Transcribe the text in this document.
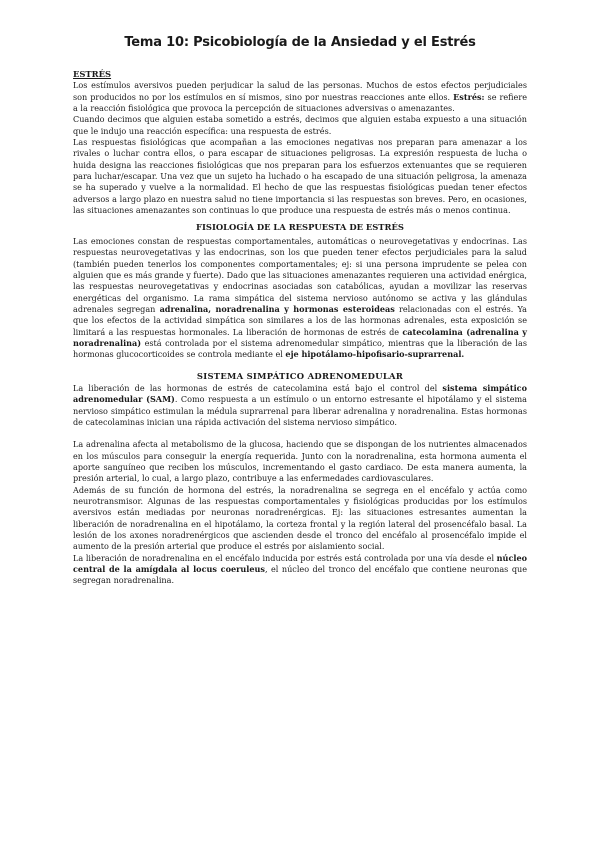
Tema 10: Psicobiología de la Ansiedad y el Estrés
ESTRÉS

Los estímulos aversivos pueden perjudicar la salud de las personas. Muchos de estos efectos perjudiciales son producidos no por los estímulos en sí mismos, sino por nuestras reacciones ante ellos. Estrés: se refiere a la reacción fisiológica que provoca la percepción de situaciones adversivas o amenazantes.

Cuando decimos que alguien estaba sometido a estrés, decimos que alguien estaba expuesto a una situación que le indujo una reacción específica: una respuesta de estrés.

Las respuestas fisiológicas que acompañan a las emociones negativas nos preparan para amenazar a los rivales o luchar contra ellos, o para escapar de situaciones peligrosas. La expresión respuesta de lucha o huida designa las reacciones fisiológicas que nos preparan para los esfuerzos extenuantes que se requieren para luchar/escapar. Una vez que un sujeto ha luchado o ha escapado de una situación peligrosa, la amenaza se ha superado y vuelve a la normalidad. El hecho de que las respuestas fisiológicas puedan tener efectos adversos a largo plazo en nuestra salud no tiene importancia si las respuestas son breves. Pero, en ocasiones, las situaciones amenazantes son continuas lo que produce una respuesta de estrés más o menos continua.

FISIOLOGÍA DE LA RESPUESTA DE ESTRÉS

Las emociones constan de respuestas comportamentales, automáticas o neurovegetativas y endocrinas. Las respuestas neurovegetativas y las endocrinas, son los que pueden tener efectos perjudiciales para la salud (también pueden tenerlos los componentes comportamentales; ej: si una persona imprudente se pelea con alguien que es más grande y fuerte). Dado que las situaciones amenazantes requieren una actividad enérgica, las respuestas neurovegetativas y endocrinas asociadas son catabólicas, ayudan a movilizar las reservas energéticas del organismo. La rama simpática del sistema nervioso autónomo se activa y las glándulas adrenales segregan adrenalina, noradrenalina y hormonas esteroideas relacionadas con el estrés. Ya que los efectos de la actividad simpática son similares a los de las hormonas adrenales, esta exposición se limitará a las respuestas hormonales. La liberación de hormonas de estrés de catecolamina (adrenalina y noradrenalina) está controlada por el sistema adrenomedular simpático, mientras que la liberación de las hormonas glucocorticoides se controla mediante el eje hipotálamo-hipofisario-suprarrenal.

SISTEMA SIMPÁTICO ADRENOMEDULAR

La liberación de las hormonas de estrés de catecolamina está bajo el control del sistema simpático adrenomedular (SAM). Como respuesta a un estímulo o un entorno estresante el hipotálamo y el sistema nervioso simpático estimulan la médula suprarrenal para liberar adrenalina y noradrenalina. Estas hormonas de catecolaminas inician una rápida activación del sistema nervioso simpático.

La adrenalina afecta al metabolismo de la glucosa, haciendo que se dispongan de los nutrientes almacenados en los músculos para conseguir la energía requerida. Junto con la noradrenalina, esta hormona aumenta el aporte sanguíneo que reciben los músculos, incrementando el gasto cardiaco. De esta manera aumenta, la presión arterial, lo cual, a largo plazo, contribuye a las enfermedades cardiovasculares.

Además de su función de hormona del estrés, la noradrenalina se segrega en el encéfalo y actúa como neurotransmisor. Algunas de las respuestas comportamentales y fisiológicas producidas por los estímulos aversivos están mediadas por neuronas noradrenérgicas. Ej: las situaciones estresantes aumentan la liberación de noradrenalina en el hipotálamo, la corteza frontal y la región lateral del prosencéfalo basal. La lesión de los axones noradrenérgicos que ascienden desde el tronco del encéfalo al prosencéfalo impide el aumento de la presión arterial que produce el estrés por aislamiento social.

La liberación de noradrenalina en el encéfalo inducida por estrés está controlada por una vía desde el núcleo central de la amígdala al locus coeruleus, el núcleo del tronco del encéfalo que contiene neuronas que segregan noradrenalina.
